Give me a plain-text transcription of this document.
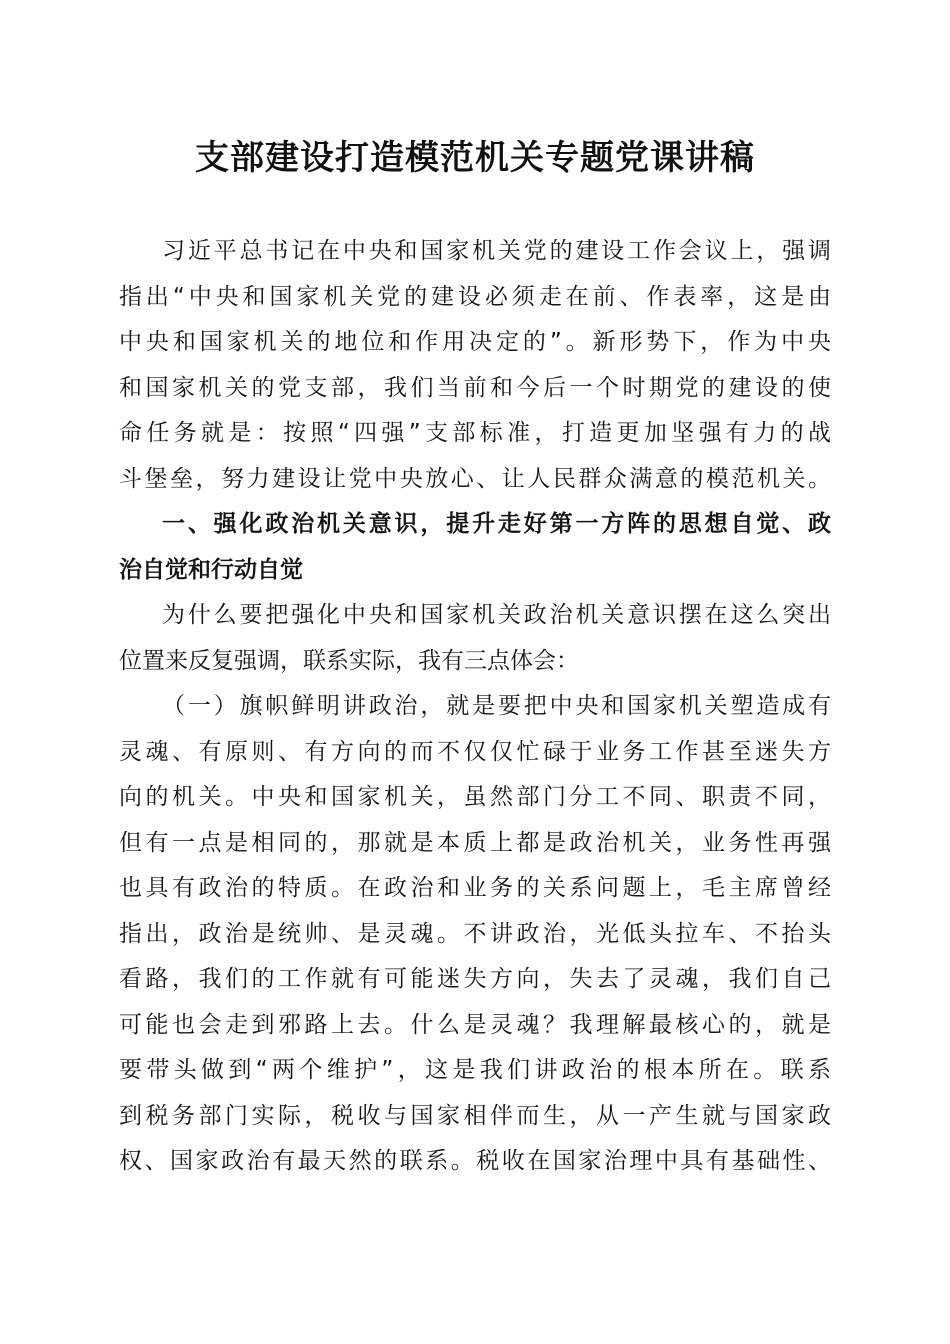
支部建设打造模范机关专题党课讲稿
习近平总书记在中央和国家机关党的建设工作会议上，强调
指出“中央和国家机关党的建设必须走在前、作表率，这是由
中央和国家机关的地位和作用决定的”。新形势下，作为中央
和国家机关的党支部，我们当前和今后一个时期党的建设的使
命任务就是：按照“四强”支部标准，打造更加坚强有力的战
斗堡垒，努力建设让党中央放心、让人民群众满意的模范机关。
一、强化政治机关意识，提升走好第一方阵的思想自觉、政
治自觉和行动自觉
为什么要把强化中央和国家机关政治机关意识摆在这么突出
位置来反复强调，联系实际，我有三点体会：
（一）旗帜鲜明讲政治，就是要把中央和国家机关塑造成有
灵魂、有原则、有方向的而不仅仅忙碌于业务工作甚至迷失方
向的机关。中央和国家机关，虽然部门分工不同、职责不同，
但有一点是相同的，那就是本质上都是政治机关，业务性再强
也具有政治的特质。在政治和业务的关系问题上，毛主席曾经
指出，政治是统帅、是灵魂。不讲政治，光低头拉车、不抬头
看路，我们的工作就有可能迷失方向，失去了灵魂，我们自己
可能也会走到邪路上去。什么是灵魂？我理解最核心的，就是
要带头做到“两个维护”，这是我们讲政治的根本所在。联系
到税务部门实际，税收与国家相伴而生，从一产生就与国家政
权、国家政治有最天然的联系。税收在国家治理中具有基础性、
